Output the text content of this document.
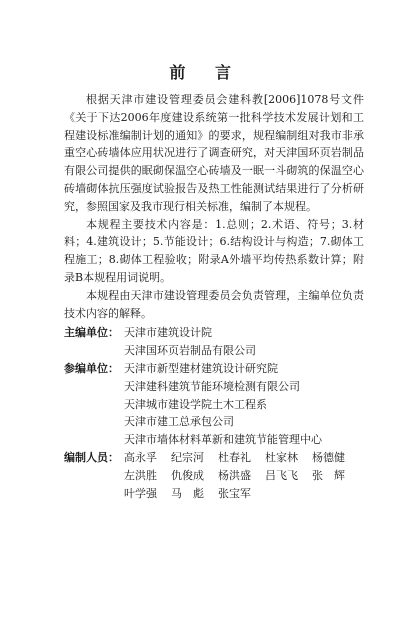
前 言

根据天津市建设管理委员会建科教[2006]1078号文件《关于下达2006年度建设系统第一批科学技术发展计划和工程建设标准编制计划的通知》的要求，规程编制组对我市非承重空心砖墙体应用状况进行了调查研究，对天津国环页岩制品有限公司提供的眠砌保温空心砖墙及一眠一斗砌筑的保温空心砖墙砌体抗压强度试验报告及热工性能测试结果进行了分析研究，参照国家及我市现行相关标准，编制了本规程。

本规程主要技术内容是：1.总则；2.术语、符号；3.材料；4.建筑设计；5.节能设计；6.结构设计与构造；7.砌体工程施工；8.砌体工程验收；附录A外墙平均传热系数计算；附录B本规程用词说明。

本规程由天津市建设管理委员会负责管理，主编单位负责技术内容的解释。

主编单位： 天津市建筑设计院
天津国环页岩制品有限公司
参编单位： 天津市新型建材建筑设计研究院
天津建科建筑节能环境检测有限公司
天津城市建设学院土木工程系
天津市建工总承包公司
天津市墙体材料革新和建筑节能管理中心
编制人员： 高永孚	纪宗河	杜春礼	杜家林	杨德健
左洪胜	仇俊成	杨洪盛	吕飞飞	张　辉
叶学强	马　彪	张宝军
